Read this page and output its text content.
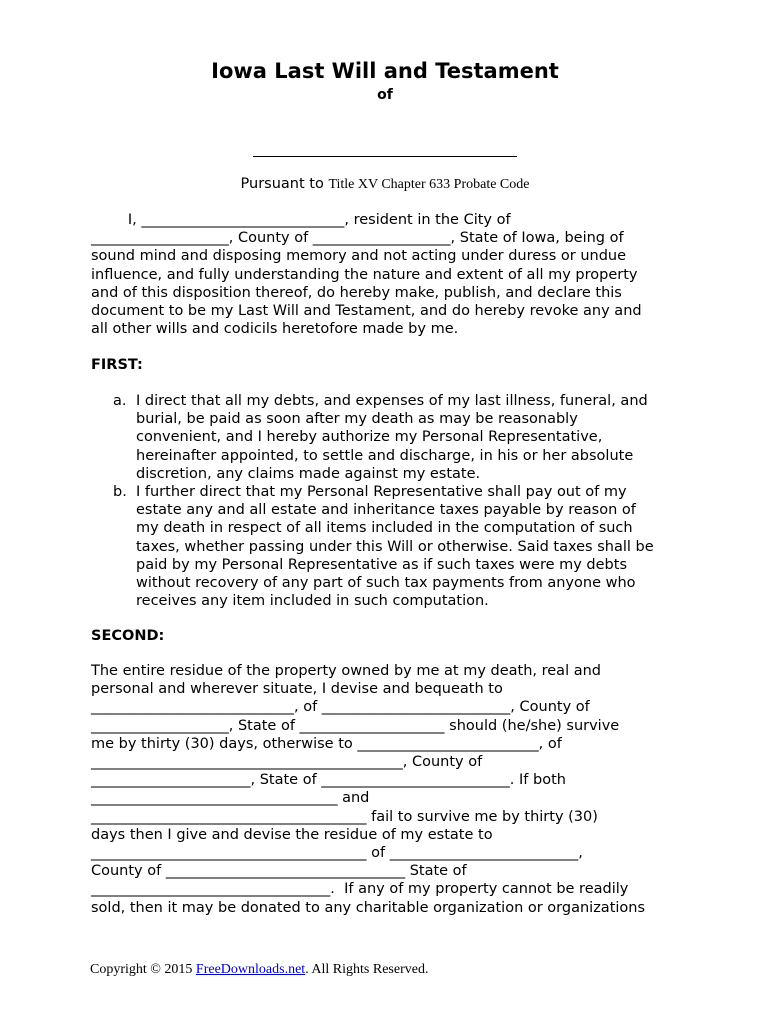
Iowa Last Will and Testament
of
Pursuant to Title XV Chapter 633 Probate Code
I, ____________________________, resident in the City of
___________________, County of ___________________, State of Iowa, being of
sound mind and disposing memory and not acting under duress or undue
influence, and fully understanding the nature and extent of all my property
and of this disposition thereof, do hereby make, publish, and declare this
document to be my Last Will and Testament, and do hereby revoke any and
all other wills and codicils heretofore made by me.
FIRST:
a. I direct that all my debts, and expenses of my last illness, funeral, and
burial, be paid as soon after my death as may be reasonably
convenient, and I hereby authorize my Personal Representative,
hereinafter appointed, to settle and discharge, in his or her absolute
discretion, any claims made against my estate.
b. I further direct that my Personal Representative shall pay out of my
estate any and all estate and inheritance taxes payable by reason of
my death in respect of all items included in the computation of such
taxes, whether passing under this Will or otherwise. Said taxes shall be
paid by my Personal Representative as if such taxes were my debts
without recovery of any part of such tax payments from anyone who
receives any item included in such computation.
SECOND:
The entire residue of the property owned by me at my death, real and
personal and wherever situate, I devise and bequeath to
____________________________, of __________________________, County of
___________________, State of ____________________ should (he/she) survive
me by thirty (30) days, otherwise to _________________________, of
___________________________________________, County of
______________________, State of __________________________. If both
__________________________________ and
______________________________________ fail to survive me by thirty (30)
days then I give and devise the residue of my estate to
______________________________________ of __________________________,
County of _________________________________ State of
_________________________________.  If any of my property cannot be readily
sold, then it may be donated to any charitable organization or organizations
Copyright © 2015 FreeDownloads.net. All Rights Reserved.
